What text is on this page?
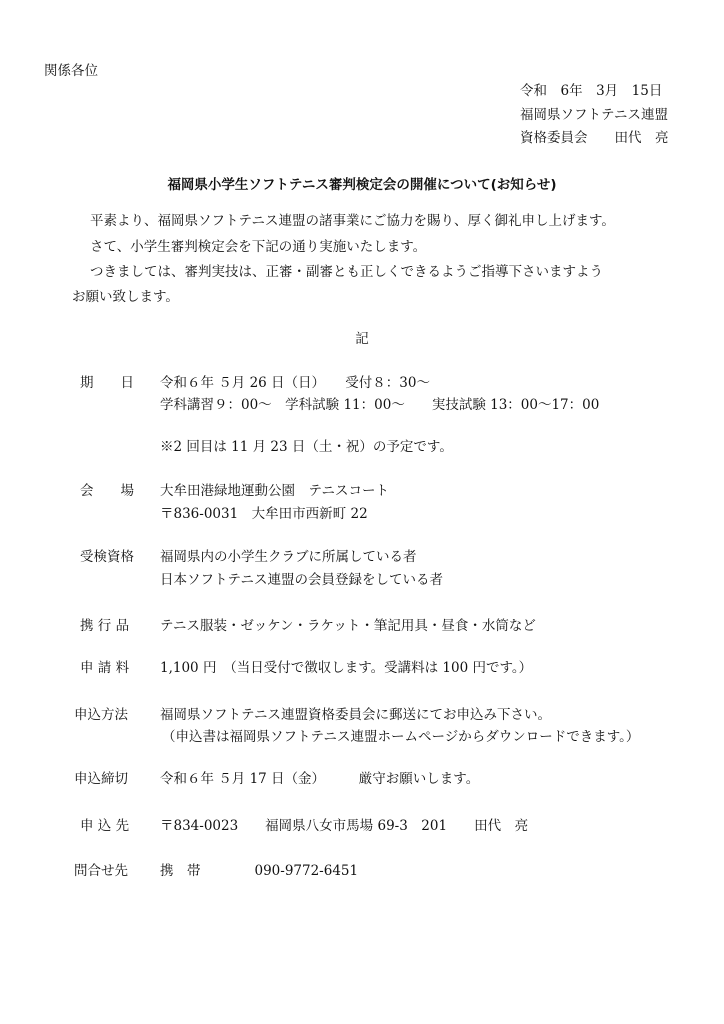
関係各位
令和　6年　3月　15日
福岡県ソフトテニス連盟
資格委員会　　田代　亮
福岡県小学生ソフトテニス審判検定会の開催について(お知らせ)
平素より、福岡県ソフトテニス連盟の諸事業にご協力を賜り、厚く御礼申し上げます。
さて、小学生審判検定会を下記の通り実施いたします。
つきましては、審判実技は、正審・副審とも正しくできるようご指導下さいますよう
お願い致します。
記
期　　日 令和６年 ５月 26 日（日）　　受付８：30〜
学科講習９：00〜　学科試験 11：00〜　　実技試験 13：00〜17：00
※2 回目は 11 月 23 日（土・祝）の予定です。
会　　場 大牟田港緑地運動公園　テニスコート
〒836-0031　大牟田市西新町 22
受検資格 福岡県内の小学生クラブに所属している者
日本ソフトテニス連盟の会員登録をしている者
携 行 品 テニス服装・ゼッケン・ラケット・筆記用具・昼食・水筒など
申 請 料 1,100 円　（当日受付で徴収します。受講料は 100 円です。）
申込方法 福岡県ソフトテニス連盟資格委員会に郵送にてお申込み下さい。
（申込書は福岡県ソフトテニス連盟ホームページからダウンロードできます。）
申込締切 令和６年 ５月 17 日（金）　　　厳守お願いします。
申 込 先 〒834-0023　　福岡県八女市馬場 69-3　201　　田代　亮
問合せ先 携　帯　　　　090-9772-6451
